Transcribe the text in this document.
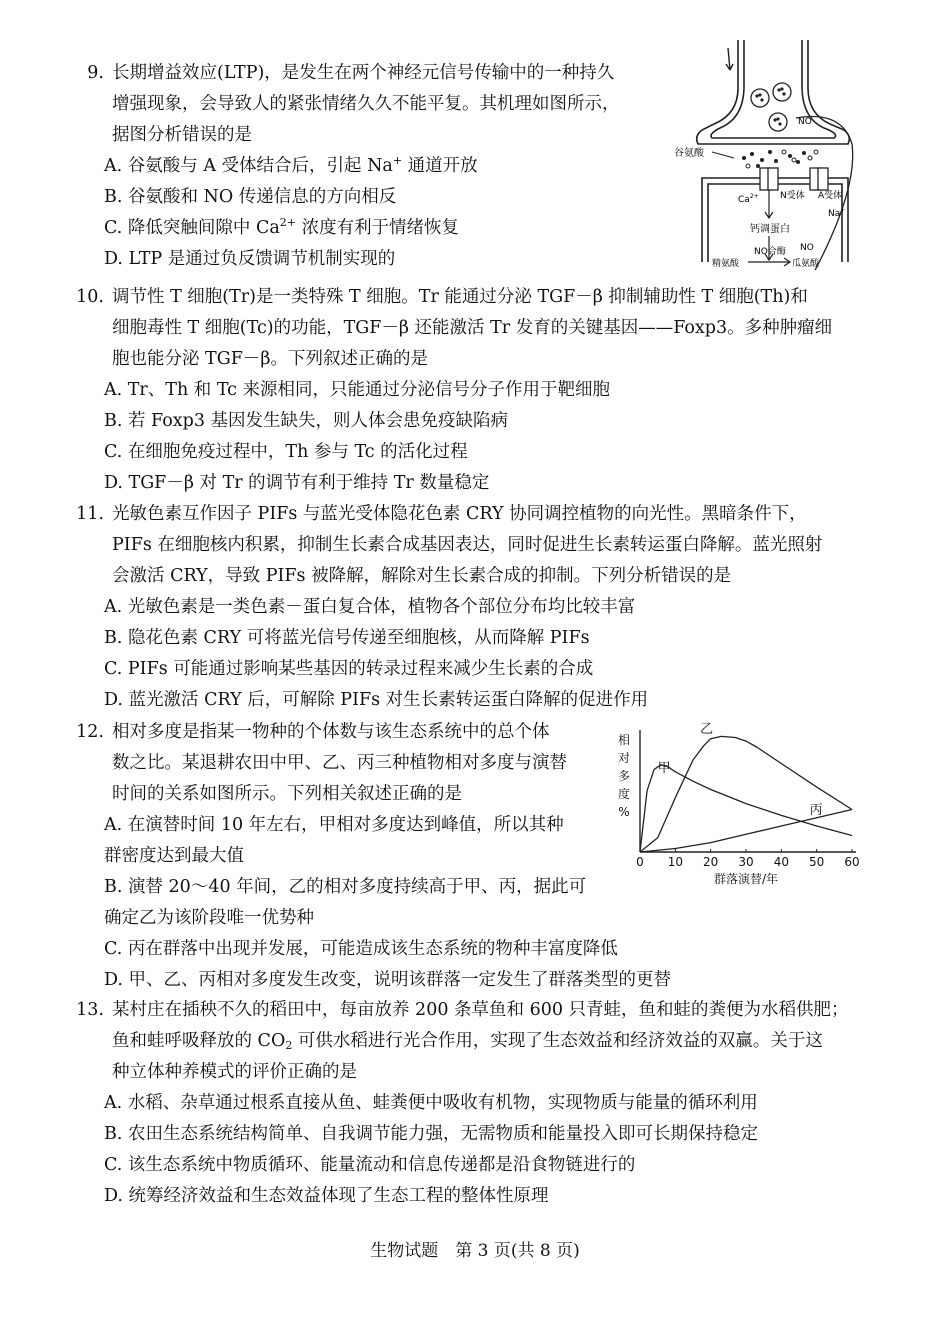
9. 长期增益效应(LTP)，是发生在两个神经元信号传输中的一种持久
增强现象，会导致人的紧张情绪久久不能平复。其机理如图所示，
据图分析错误的是
A. 谷氨酸与 A 受体结合后，引起 Na+ 通道开放
B. 谷氨酸和 NO 传递信息的方向相反
C. 降低突触间隙中 $Ca^{2+}$ 浓度有利于情绪恢复
D. LTP 是通过负反馈调节机制实现的
NO
谷氨酸
N受体 A受体
$Ca^{2+}$
Na+
钙调蛋白
精氨酸
NO合酶
瓜氨酸
NO
10. 调节性 T 细胞(Tr)是一类特殊 T 细胞。Tr 能通过分泌 TGF－β 抑制辅助性 T 细胞(Th)和
细胞毒性 T 细胞(Tc)的功能，TGF－β 还能激活 Tr 发育的关键基因——Foxp3。多种肿瘤细
胞也能分泌 TGF－β。下列叙述正确的是
A. Tr、Th 和 Tc 来源相同，只能通过分泌信号分子作用于靶细胞
B. 若 Foxp3 基因发生缺失，则人体会患免疫缺陷病
C. 在细胞免疫过程中，Th 参与 Tc 的活化过程
D. TGF－β 对 Tr 的调节有利于维持 Tr 数量稳定
11. 光敏色素互作因子 PIFs 与蓝光受体隐花色素 CRY 协同调控植物的向光性。黑暗条件下，
PIFs 在细胞核内积累，抑制生长素合成基因表达，同时促进生长素转运蛋白降解。蓝光照射
会激活 CRY，导致 PIFs 被降解，解除对生长素合成的抑制。下列分析错误的是
A. 光敏色素是一类色素－蛋白复合体，植物各个部位分布均比较丰富
B. 隐花色素 CRY 可将蓝光信号传递至细胞核，从而降解 PIFs
C. PIFs 可能通过影响某些基因的转录过程来减少生长素的合成
D. 蓝光激活 CRY 后，可解除 PIFs 对生长素转运蛋白降解的促进作用
12. 相对多度是指某一物种的个体数与该生态系统中的总个体
数之比。某退耕农田中甲、乙、丙三种植物相对多度与演替
时间的关系如图所示。下列相关叙述正确的是
A. 在演替时间 10 年左右，甲相对多度达到峰值，所以其种
群密度达到最大值
B. 演替 20～40 年间，乙的相对多度持续高于甲、丙，据此可
确定乙为该阶段唯一优势种
C. 丙在群落中出现并发展，可能造成该生态系统的物种丰富度降低
D. 甲、乙、丙相对多度发生改变，说明该群落一定发生了群落类型的更替
0 10 20 30 40 50 60
相
对
多
度
%
群落演替/年
甲
乙
丙
13. 某村庄在插秧不久的稻田中，每亩放养 200 条草鱼和 600 只青蛙，鱼和蛙的粪便为水稻供肥；
鱼和蛙呼吸释放的 $CO_2$ 可供水稻进行光合作用，实现了生态效益和经济效益的双赢。关于这
种立体种养模式的评价正确的是
A. 水稻、杂草通过根系直接从鱼、蛙粪便中吸收有机物，实现物质与能量的循环利用
B. 农田生态系统结构简单、自我调节能力强，无需物质和能量投入即可长期保持稳定
C. 该生态系统中物质循环、能量流动和信息传递都是沿食物链进行的
D. 统筹经济效益和生态效益体现了生态工程的整体性原理
生物试题　第 3 页(共 8 页)
